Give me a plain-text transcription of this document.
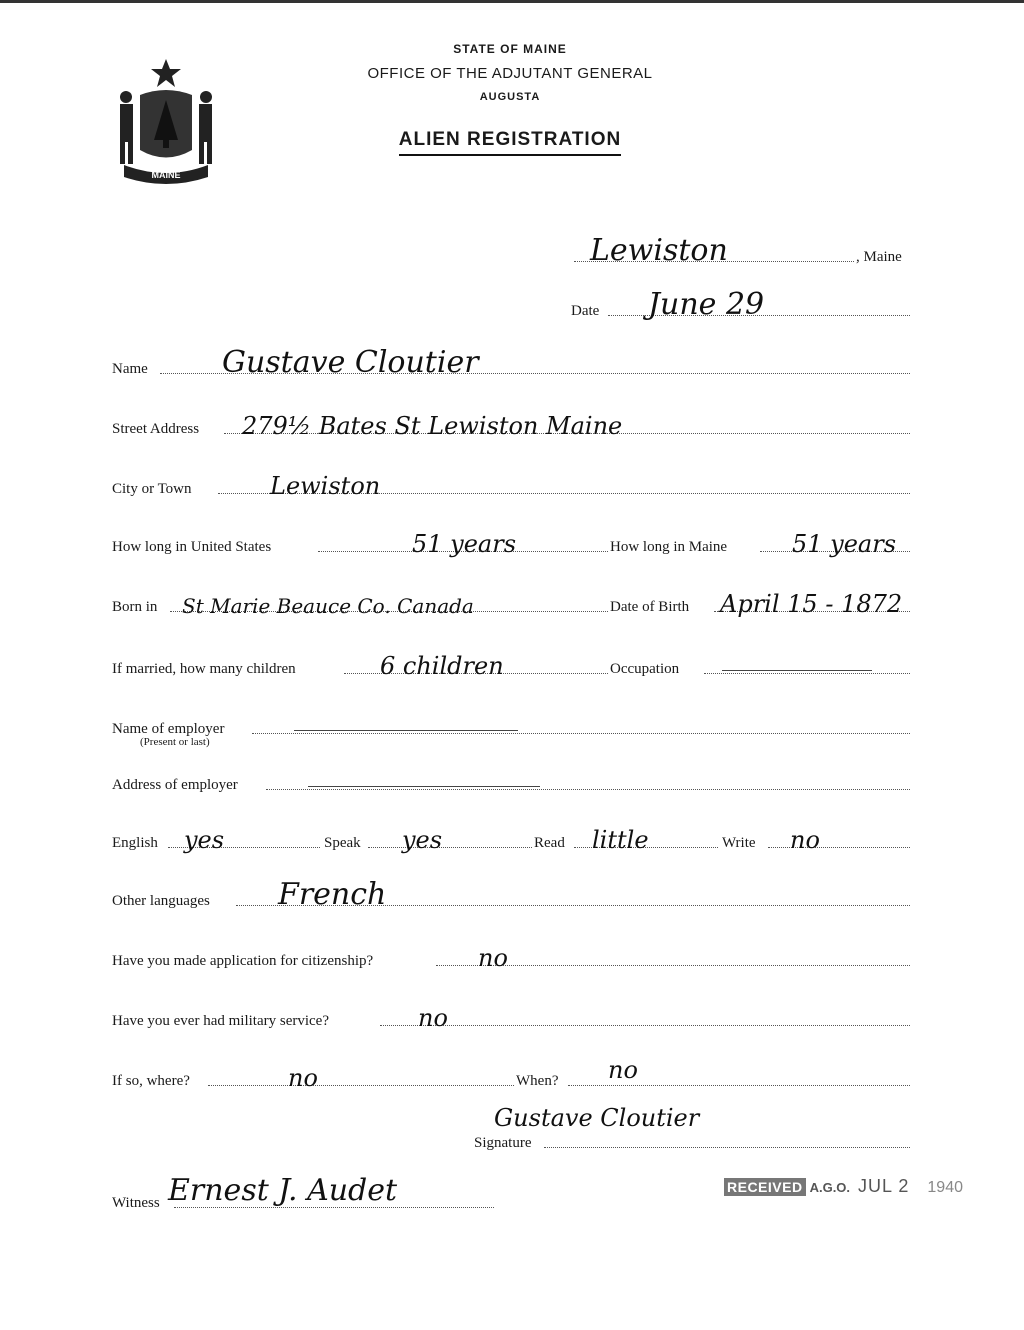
MAINE
STATE OF MAINE
OFFICE OF THE ADJUTANT GENERAL
AUGUSTA
ALIEN REGISTRATION
Lewiston	, Maine
Date June 29
Name Gustave Cloutier
Street Address 279½ Bates St Lewiston Maine
City or Town	Lewiston
How long in United States	51 years	How long in Maine	51 years
Born in St Marie Beauce Co. Canada	Date of Birth April 15 - 1872
If married, how many children	6 children	Occupation
Name of employer
(Present or last)
Address of employer
English yes	Speak yes	Read little	Write no
Other languages French
Have you made application for citizenship?	no
Have you ever had military service?	no
If so, where?	no	When? no
Gustave Cloutier
Signature
Witness Ernest J. Audet	RECEIVED A.G.O. JUL 2 1940
